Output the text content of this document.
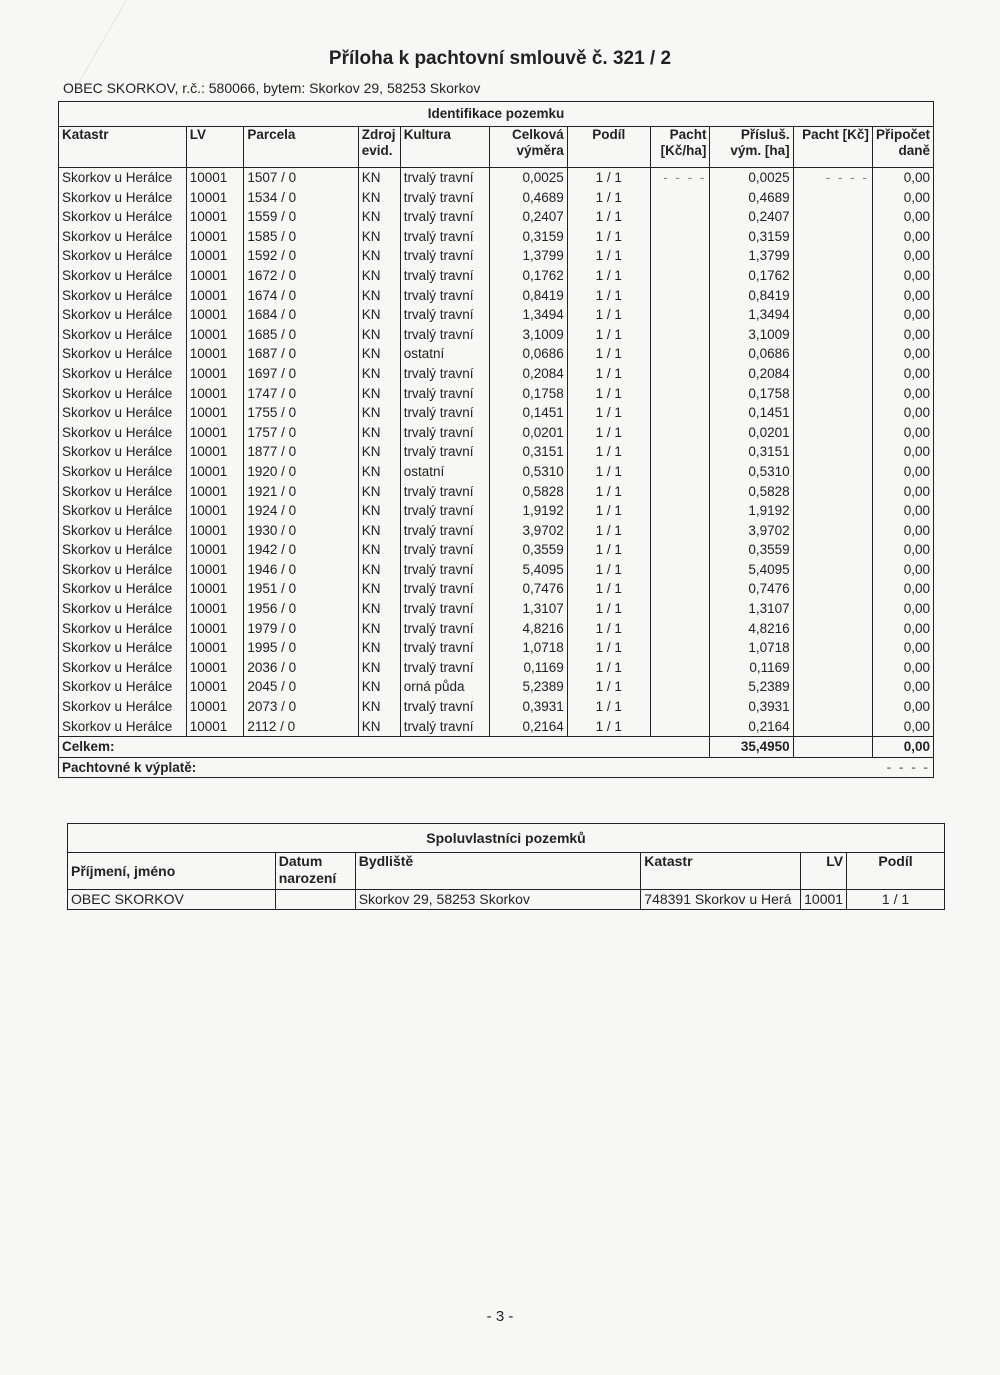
Příloha k pachtovní smlouvě č. 321 / 2
OBEC SKORKOV, r.č.: 580066, bytem: Skorkov 29, 58253 Skorkov
Identifikace pozemku										
Katastr	LV	Parcela	Zdroj evid.	Kultura	Celková výměra	Podíl	Pacht [Kč/ha]	Přísluš. vým. [ha]	Pacht [Kč]	Připočet daně
Skorkov u Herálce	10001	1507 / 0	KN	trvalý travní	0,0025	1 / 1	- - - -	0,0025	- - - -	0,00
Skorkov u Herálce	10001	1534 / 0	KN	trvalý travní	0,4689	1 / 1		0,4689		0,00
Skorkov u Herálce	10001	1559 / 0	KN	trvalý travní	0,2407	1 / 1		0,2407		0,00
Skorkov u Herálce	10001	1585 / 0	KN	trvalý travní	0,3159	1 / 1		0,3159		0,00
Skorkov u Herálce	10001	1592 / 0	KN	trvalý travní	1,3799	1 / 1		1,3799		0,00
Skorkov u Herálce	10001	1672 / 0	KN	trvalý travní	0,1762	1 / 1		0,1762		0,00
Skorkov u Herálce	10001	1674 / 0	KN	trvalý travní	0,8419	1 / 1		0,8419		0,00
Skorkov u Herálce	10001	1684 / 0	KN	trvalý travní	1,3494	1 / 1		1,3494		0,00
Skorkov u Herálce	10001	1685 / 0	KN	trvalý travní	3,1009	1 / 1		3,1009		0,00
Skorkov u Herálce	10001	1687 / 0	KN	ostatní	0,0686	1 / 1		0,0686		0,00
Skorkov u Herálce	10001	1697 / 0	KN	trvalý travní	0,2084	1 / 1		0,2084		0,00
Skorkov u Herálce	10001	1747 / 0	KN	trvalý travní	0,1758	1 / 1		0,1758		0,00
Skorkov u Herálce	10001	1755 / 0	KN	trvalý travní	0,1451	1 / 1		0,1451		0,00
Skorkov u Herálce	10001	1757 / 0	KN	trvalý travní	0,0201	1 / 1		0,0201		0,00
Skorkov u Herálce	10001	1877 / 0	KN	trvalý travní	0,3151	1 / 1		0,3151		0,00
Skorkov u Herálce	10001	1920 / 0	KN	ostatní	0,5310	1 / 1		0,5310		0,00
Skorkov u Herálce	10001	1921 / 0	KN	trvalý travní	0,5828	1 / 1		0,5828		0,00
Skorkov u Herálce	10001	1924 / 0	KN	trvalý travní	1,9192	1 / 1		1,9192		0,00
Skorkov u Herálce	10001	1930 / 0	KN	trvalý travní	3,9702	1 / 1		3,9702		0,00
Skorkov u Herálce	10001	1942 / 0	KN	trvalý travní	0,3559	1 / 1		0,3559		0,00
Skorkov u Herálce	10001	1946 / 0	KN	trvalý travní	5,4095	1 / 1		5,4095		0,00
Skorkov u Herálce	10001	1951 / 0	KN	trvalý travní	0,7476	1 / 1		0,7476		0,00
Skorkov u Herálce	10001	1956 / 0	KN	trvalý travní	1,3107	1 / 1		1,3107		0,00
Skorkov u Herálce	10001	1979 / 0	KN	trvalý travní	4,8216	1 / 1		4,8216		0,00
Skorkov u Herálce	10001	1995 / 0	KN	trvalý travní	1,0718	1 / 1		1,0718		0,00
Skorkov u Herálce	10001	2036 / 0	KN	trvalý travní	0,1169	1 / 1		0,1169		0,00
Skorkov u Herálce	10001	2045 / 0	KN	orná půda	5,2389	1 / 1		5,2389		0,00
Skorkov u Herálce	10001	2073 / 0	KN	trvalý travní	0,3931	1 / 1		0,3931		0,00
Skorkov u Herálce	10001	2112 / 0	KN	trvalý travní	0,2164	1 / 1		0,2164		0,00
Celkem:								35,4950		0,00
Pachtovné k výplatě:										- - - -
Spoluvlastníci pozemků					
Příjmení, jméno	Datum narození	Bydliště	Katastr	LV	Podíl
OBEC SKORKOV		Skorkov 29, 58253 Skorkov	748391 Skorkov u Herá	10001	1 / 1
- 3 -
